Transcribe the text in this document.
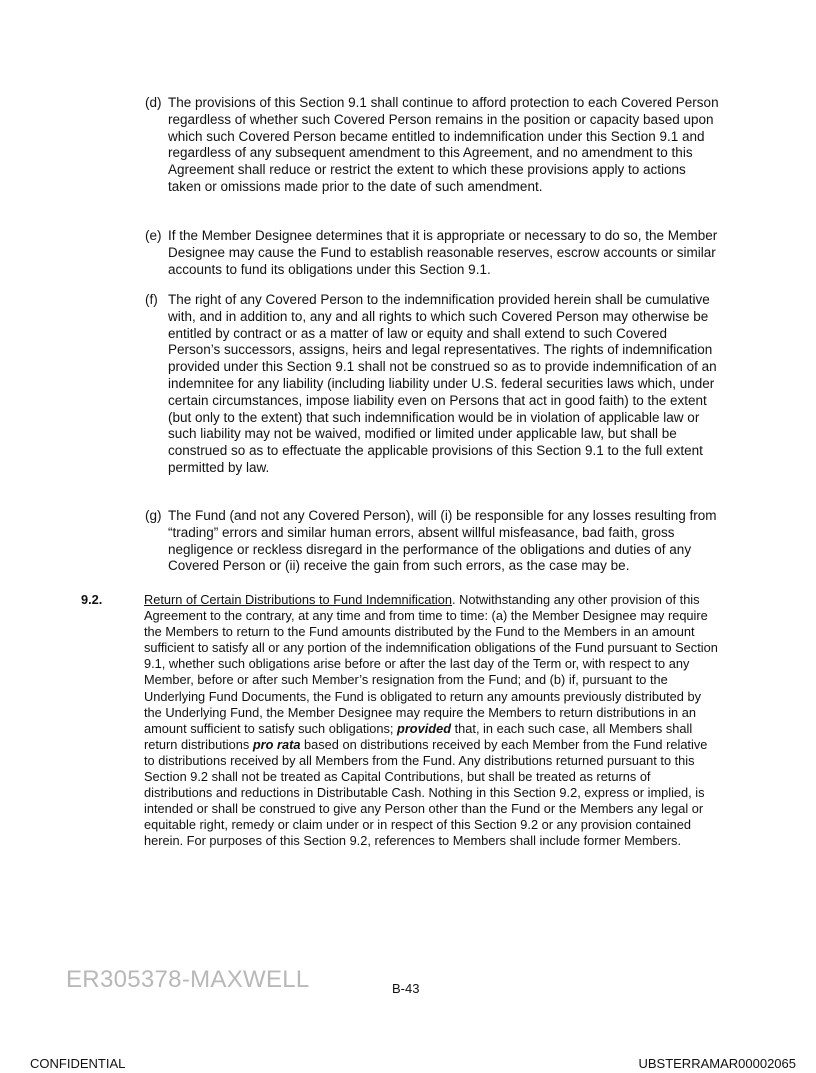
(d) The provisions of this Section 9.1 shall continue to afford protection to each Covered Person regardless of whether such Covered Person remains in the position or capacity based upon which such Covered Person became entitled to indemnification under this Section 9.1 and regardless of any subsequent amendment to this Agreement, and no amendment to this Agreement shall reduce or restrict the extent to which these provisions apply to actions taken or omissions made prior to the date of such amendment.
(e) If the Member Designee determines that it is appropriate or necessary to do so, the Member Designee may cause the Fund to establish reasonable reserves, escrow accounts or similar accounts to fund its obligations under this Section 9.1.
(f) The right of any Covered Person to the indemnification provided herein shall be cumulative with, and in addition to, any and all rights to which such Covered Person may otherwise be entitled by contract or as a matter of law or equity and shall extend to such Covered Person’s successors, assigns, heirs and legal representatives. The rights of indemnification provided under this Section 9.1 shall not be construed so as to provide indemnification of an indemnitee for any liability (including liability under U.S. federal securities laws which, under certain circumstances, impose liability even on Persons that act in good faith) to the extent (but only to the extent) that such indemnification would be in violation of applicable law or such liability may not be waived, modified or limited under applicable law, but shall be construed so as to effectuate the applicable provisions of this Section 9.1 to the full extent permitted by law.
(g) The Fund (and not any Covered Person), will (i) be responsible for any losses resulting from “trading” errors and similar human errors, absent willful misfeasance, bad faith, gross negligence or reckless disregard in the performance of the obligations and duties of any Covered Person or (ii) receive the gain from such errors, as the case may be.
9.2.	Return of Certain Distributions to Fund Indemnification. Notwithstanding any other provision of this Agreement to the contrary, at any time and from time to time: (a) the Member Designee may require the Members to return to the Fund amounts distributed by the Fund to the Members in an amount sufficient to satisfy all or any portion of the indemnification obligations of the Fund pursuant to Section 9.1, whether such obligations arise before or after the last day of the Term or, with respect to any Member, before or after such Member’s resignation from the Fund; and (b) if, pursuant to the Underlying Fund Documents, the Fund is obligated to return any amounts previously distributed by the Underlying Fund, the Member Designee may require the Members to return distributions in an amount sufficient to satisfy such obligations; provided that, in each such case, all Members shall return distributions pro rata based on distributions received by each Member from the Fund relative to distributions received by all Members from the Fund. Any distributions returned pursuant to this Section 9.2 shall not be treated as Capital Contributions, but shall be treated as returns of distributions and reductions in Distributable Cash. Nothing in this Section 9.2, express or implied, is intended or shall be construed to give any Person other than the Fund or the Members any legal or equitable right, remedy or claim under or in respect of this Section 9.2 or any provision contained herein. For purposes of this Section 9.2, references to Members shall include former Members.
ER305378-MAXWELL	B-43
CONFIDENTIAL	UBSTERRAMAR00002065
